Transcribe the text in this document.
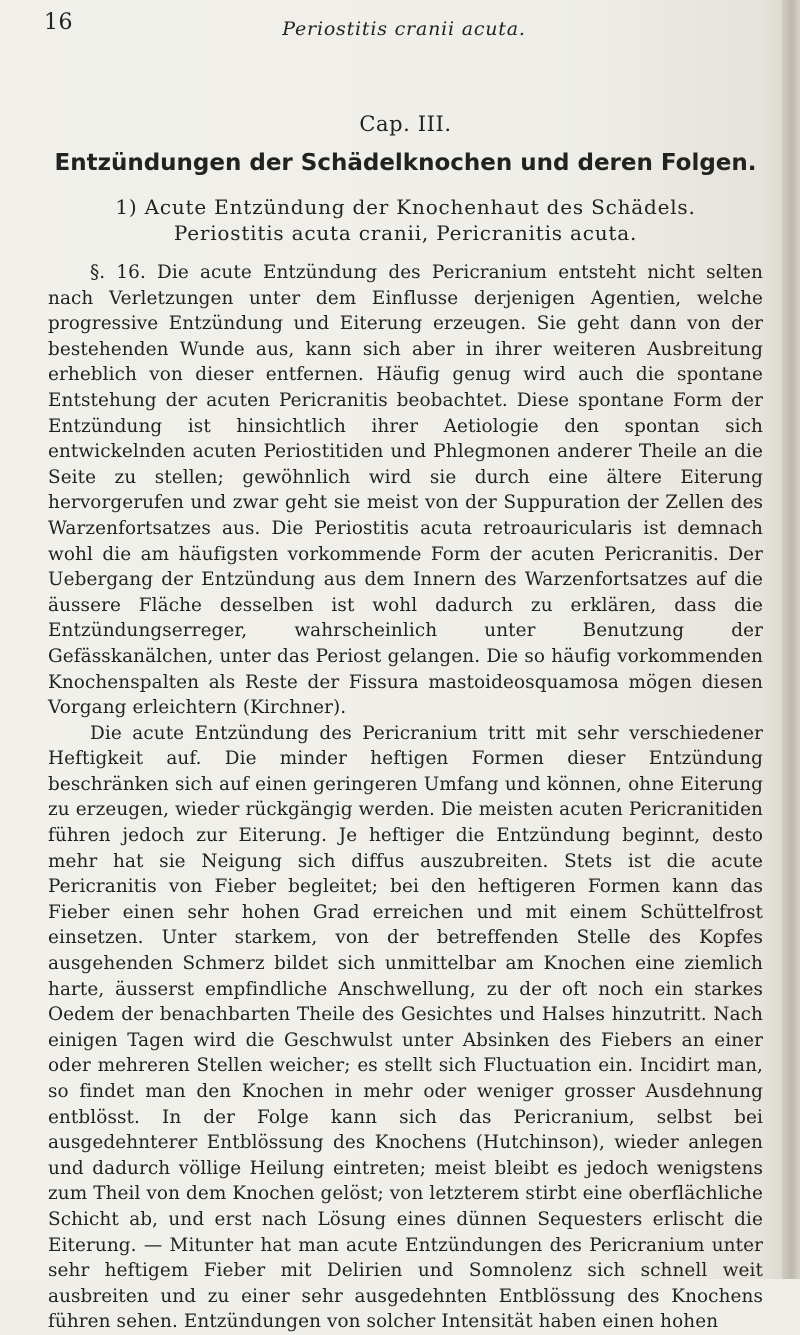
16	Periostitis cranii acuta.
Cap. III.
Entzündungen der Schädelknochen und deren Folgen.
1) Acute Entzündung der Knochenhaut des Schädels.
Periostitis acuta cranii, Pericranitis acuta.

§. 16. Die acute Entzündung des Pericranium entsteht nicht selten nach Verletzungen unter dem Einflusse derjenigen Agentien, welche progressive Entzündung und Eiterung erzeugen. Sie geht dann von der bestehenden Wunde aus, kann sich aber in ihrer weiteren Ausbreitung erheblich von dieser entfernen. Häufig genug wird auch die spontane Entstehung der acuten Pericranitis beobachtet. Diese spontane Form der Entzündung ist hinsichtlich ihrer Aetiologie den spontan sich entwickelnden acuten Periostitiden und Phlegmonen anderer Theile an die Seite zu stellen; gewöhnlich wird sie durch eine ältere Eiterung hervorgerufen und zwar geht sie meist von der Suppuration der Zellen des Warzenfortsatzes aus. Die Periostitis acuta retroauricularis ist demnach wohl die am häufigsten vorkommende Form der acuten Pericranitis. Der Uebergang der Entzündung aus dem Innern des Warzenfortsatzes auf die äussere Fläche desselben ist wohl dadurch zu erklären, dass die Entzündungserreger, wahrscheinlich unter Benutzung der Gefässkanälchen, unter das Periost gelangen. Die so häufig vorkommenden Knochenspalten als Reste der Fissura mastoideosquamosa mögen diesen Vorgang erleichtern (Kirchner).

Die acute Entzündung des Pericranium tritt mit sehr verschiedener Heftigkeit auf. Die minder heftigen Formen dieser Entzündung beschränken sich auf einen geringeren Umfang und können, ohne Eiterung zu erzeugen, wieder rückgängig werden. Die meisten acuten Pericranitiden führen jedoch zur Eiterung. Je heftiger die Entzündung beginnt, desto mehr hat sie Neigung sich diffus auszubreiten. Stets ist die acute Pericranitis von Fieber begleitet; bei den heftigeren Formen kann das Fieber einen sehr hohen Grad erreichen und mit einem Schüttelfrost einsetzen. Unter starkem, von der betreffenden Stelle des Kopfes ausgehenden Schmerz bildet sich unmittelbar am Knochen eine ziemlich harte, äusserst empfindliche Anschwellung, zu der oft noch ein starkes Oedem der benachbarten Theile des Gesichtes und Halses hinzutritt. Nach einigen Tagen wird die Geschwulst unter Absinken des Fiebers an einer oder mehreren Stellen weicher; es stellt sich Fluctuation ein. Incidirt man, so findet man den Knochen in mehr oder weniger grosser Ausdehnung entblösst. In der Folge kann sich das Pericranium, selbst bei ausgedehnterer Entblössung des Knochens (Hutchinson), wieder anlegen und dadurch völlige Heilung eintreten; meist bleibt es jedoch wenigstens zum Theil von dem Knochen gelöst; von letzterem stirbt eine oberflächliche Schicht ab, und erst nach Lösung eines dünnen Sequesters erlischt die Eiterung. — Mitunter hat man acute Entzündungen des Pericranium unter sehr heftigem Fieber mit Delirien und Somnolenz sich schnell weit ausbreiten und zu einer sehr ausgedehnten Entblössung des Knochens führen sehen. Entzündungen von solcher Intensität haben einen hohen
